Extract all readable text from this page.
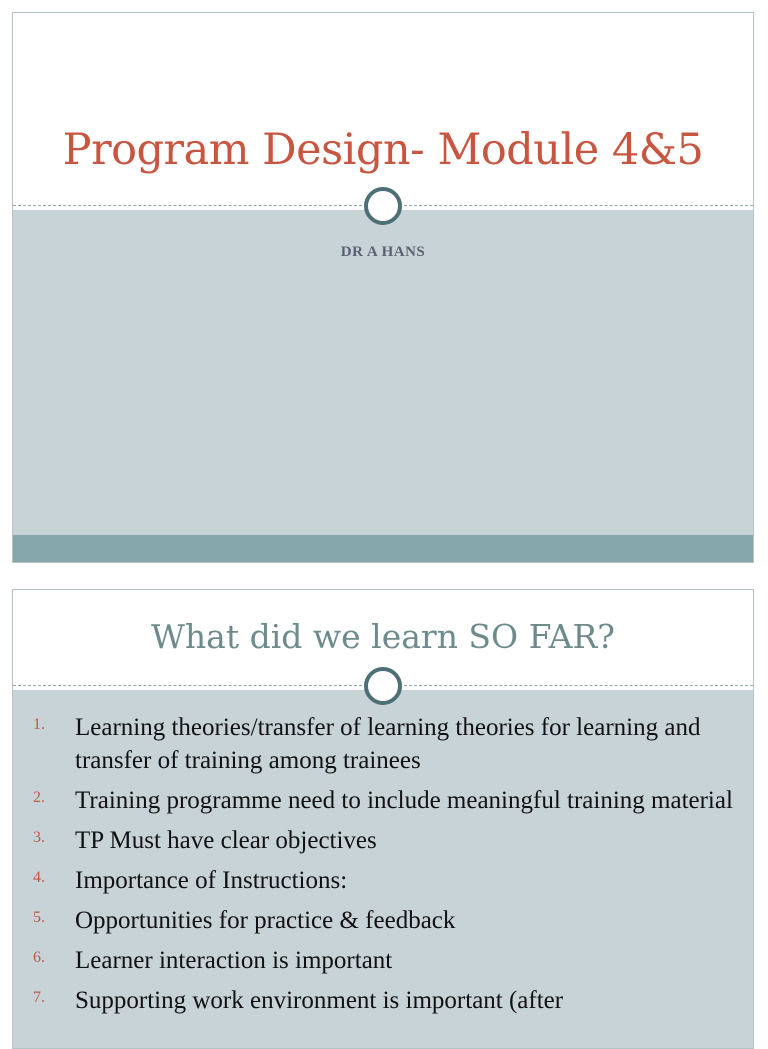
Program Design- Module 4&5
DR A HANS
What did we learn SO FAR?
1. Learning theories/transfer of learning theories for learning and transfer of training among trainees
2. Training programme need to include meaningful training material
3. TP Must have clear objectives
4. Importance of Instructions:
5. Opportunities for practice & feedback
6. Learner interaction is important
7. Supporting work environment is important (after
